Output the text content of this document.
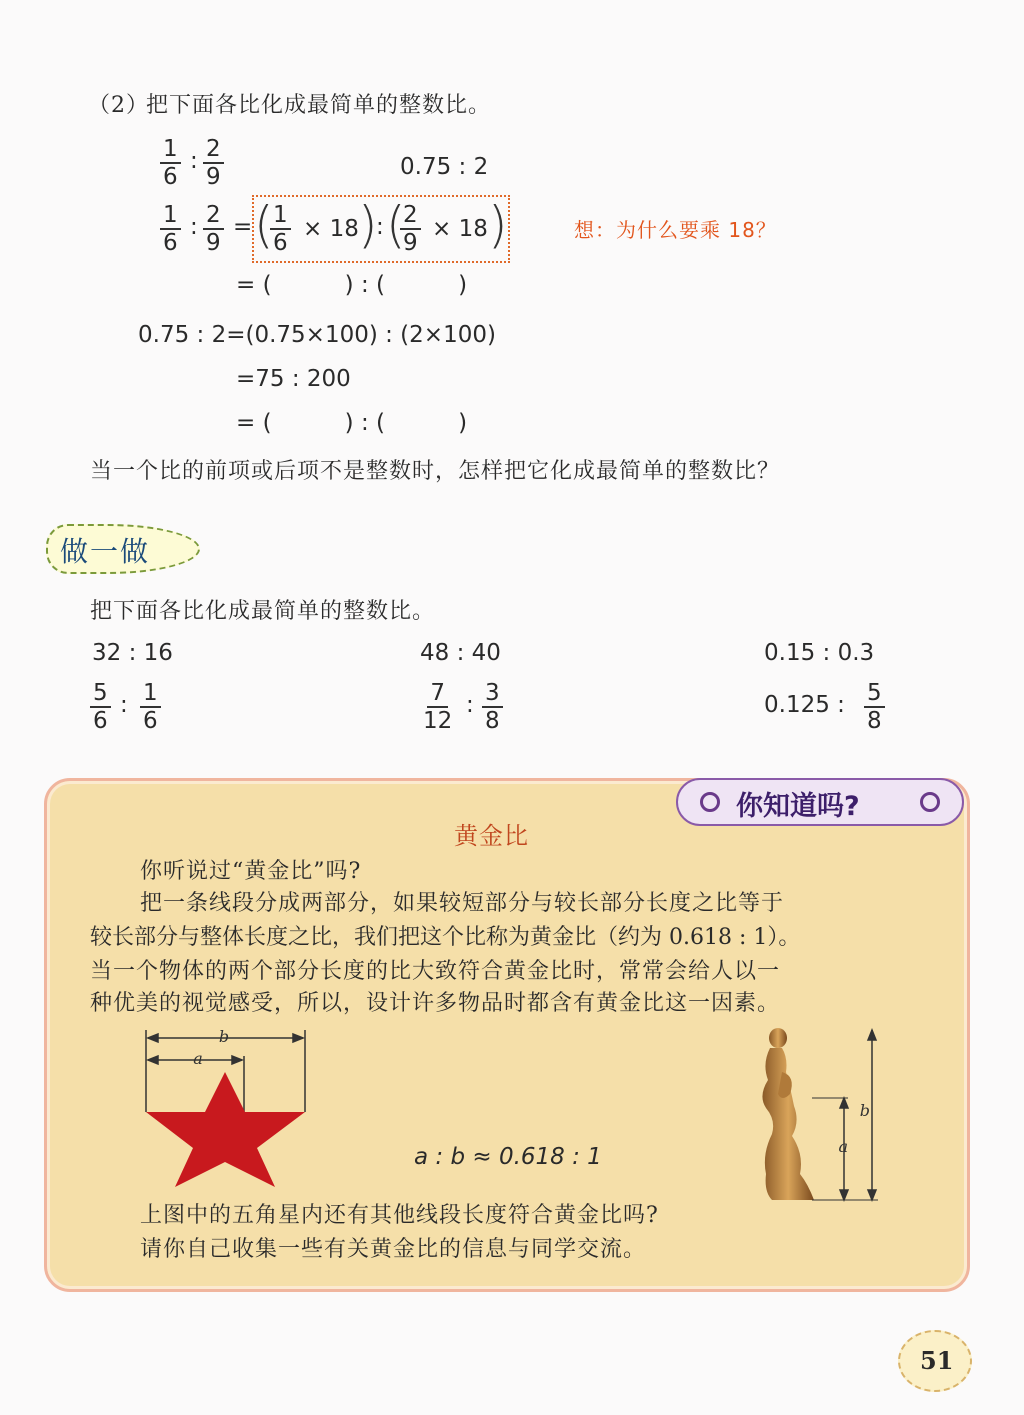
（2）
把下面各比化成最简单的整数比。
$\frac{1}{6}$ : $\frac{2}{9}$	0.75 : 2
$\frac{1}{6}$ : $\frac{2}{9}$ = (
$\frac{1}{6} \times 18$ )
: (
$\frac{2}{9} \times 18$ )	想：为什么要乘 18？
= (          ) : (          )
0.75 : 2=(0.75×100) : (2×100)
=75 : 200
= (          ) : (          )
当一个比的前项或后项不是整数时，怎样把它化成最简单的整数比？
做一做
把下面各比化成最简单的整数比。
32 : 16	48 : 40	0.15 : 0.3
$\frac{5}{6}$ : $\frac{1}{6}$	$\frac{7}{12}$ : $\frac{3}{8}$	0.125 : $\frac{5}{8}$
你知道吗?
黄金比
你听说过“黄金比”吗?
把一条线段分成两部分，如果较短部分与较长部分长度之比等于
较长部分与整体长度之比，我们把这个比称为黄金比（约为 0.618 : 1）。
当一个物体的两个部分长度的比大致符合黄金比时，常常会给人以一
种优美的视觉感受，所以，设计许多物品时都含有黄金比这一因素。
b
a
a : b ≈ 0.618 : 1
b
a
上图中的五角星内还有其他线段长度符合黄金比吗?
请你自己收集一些有关黄金比的信息与同学交流。
51
